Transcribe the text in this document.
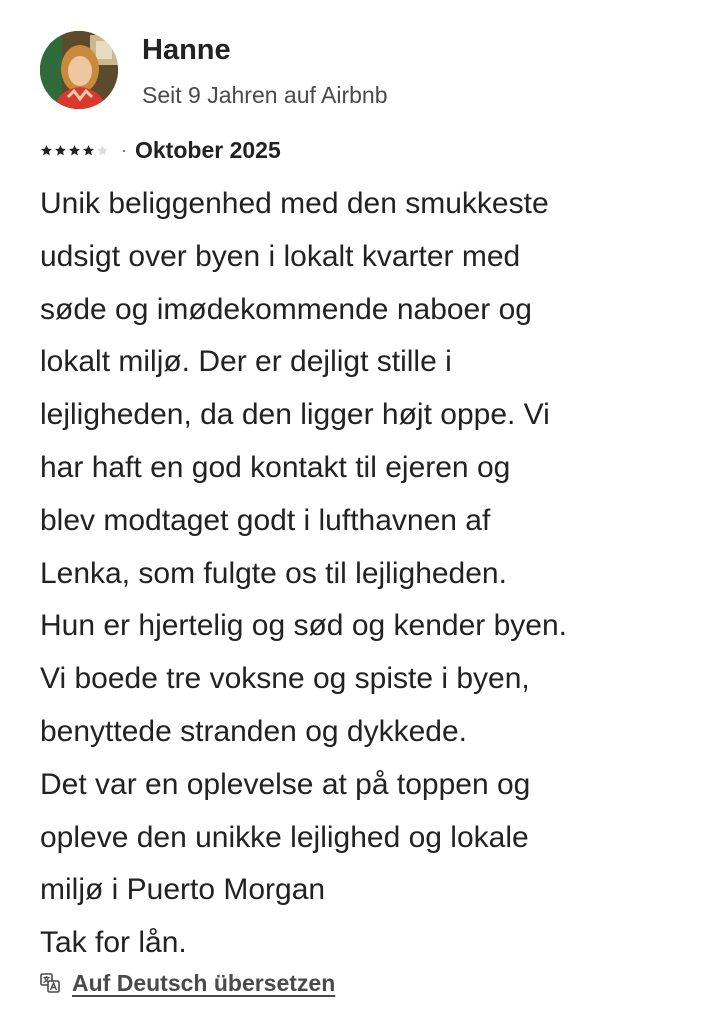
Hanne
Seit 9 Jahren auf Airbnb
· Oktober 2025
Unik beliggenhed med den smukkeste
udsigt over byen i lokalt kvarter med
søde og imødekommende naboer og
lokalt miljø. Der er dejligt stille i
lejligheden, da den ligger højt oppe. Vi
har haft en god kontakt til ejeren og
blev modtaget godt i lufthavnen af
Lenka, som fulgte os til lejligheden.
Hun er hjertelig og sød og kender byen.
Vi boede tre voksne og spiste i byen,
benyttede stranden og dykkede.
Det var en oplevelse at på toppen og
opleve den unikke lejlighed og lokale
miljø i Puerto Morgan
Tak for lån.
Auf Deutsch übersetzen
